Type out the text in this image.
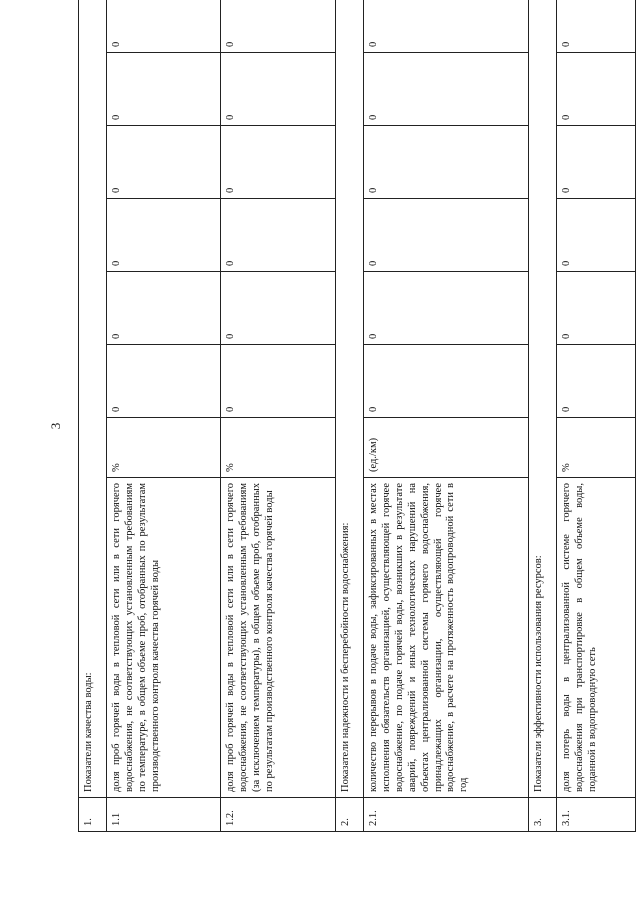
3
1.	Показатели качества воды:							
1.1	доля проб горячей воды в тепловой сети или в сети горячего водоснабжения, не соответствующих установленным требованиям по температуре, в общем объеме проб, отобранных по результатам производственного контроля качества горячей воды	%	0	0	0	0	0	0
1.2.	доля проб горячей воды в тепловой сети или в сети горячего водоснабжения, не соответствующих установленным требованиям (за исключением температуры), в общем объеме проб, отобранных по результатам производственного контроля качества горячей воды	%	0	0	0	0	0	0
2.	Показатели надежности и бесперебойности водоснабжения:							
2.1.	количество перерывов в подаче воды, зафиксированных в местах исполнения обязательств организацией, осуществляющей горячее водоснабжение, по подаче горячей воды, возникших в результате аварий, повреждений и иных технологических нарушений на объектах централизованной системы горячего водоснабжения, принадлежащих организации, осуществляющей горячее водоснабжение, в расчете на протяженность водопроводной сети в год	(ед./км)	0	0	0	0	0	0
3.	Показатели эффективности использования ресурсов:							
3.1.	доля потерь воды в централизованной системе горячего водоснабжения при транспортировке в общем объеме воды, поданной в водопроводную сеть	%	0	0	0	0	0	0
